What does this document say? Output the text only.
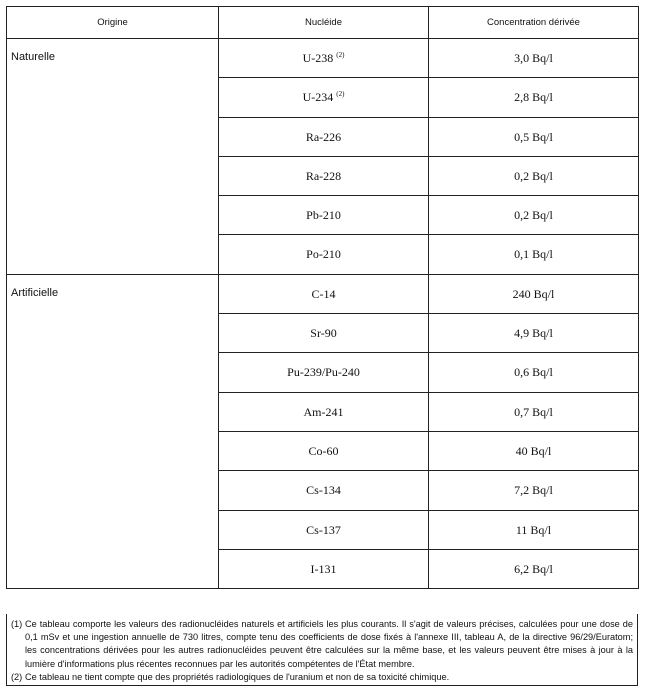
Origine	Nucléide	Concentration dérivée
Naturelle	U-238 $^{(2)}$	3,0 Bq/l
	U-234 $^{(2)}$	2,8 Bq/l
	Ra-226	0,5 Bq/l
	Ra-228	0,2 Bq/l
	Pb-210	0,2 Bq/l
	Po-210	0,1 Bq/l
Artificielle	C-14	240 Bq/l
	Sr-90	4,9 Bq/l
	Pu-239/Pu-240	0,6 Bq/l
	Am-241	0,7 Bq/l
	Co-60	40 Bq/l
	Cs-134	7,2 Bq/l
	Cs-137	11 Bq/l
	I-131	6,2 Bq/l
(1) Ce tableau comporte les valeurs des radionucléides naturels et artificiels les plus courants. Il s'agit de valeurs précises, calculées pour une dose de 0,1 mSv et une ingestion annuelle de 730 litres, compte tenu des coefficients de dose fixés à l'annexe III, tableau A, de la directive 96/29/Euratom; les concentrations dérivées pour les autres radionucléides peuvent être calculées sur la même base, et les valeurs peuvent être mises à jour à la lumière d'informations plus récentes reconnues par les autorités compétentes de l'État membre.
(2) Ce tableau ne tient compte que des propriétés radiologiques de l'uranium et non de sa toxicité chimique.
